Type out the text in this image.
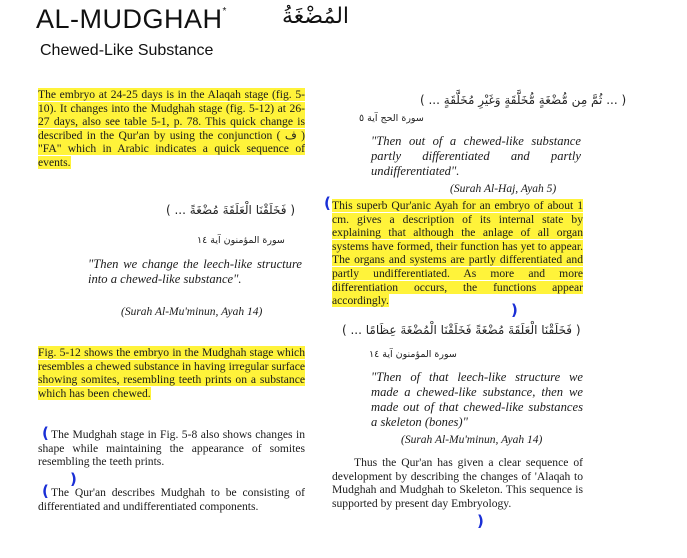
AL-MUDGHAH*	المُضْغَةُ
Chewed-Like Substance
The embryo at 24-25 days is in the Alaqah stage (fig. 5-10). It changes into the Mudghah stage (fig. 5-12) at 26-27 days, also see table 5-1, p. 78. This quick change is described in the Qur'an by using the conjunction ( ف ) "FA" which in Arabic indicates a quick sequence of events.
( فَخَلَقْنَا الْعَلَقَةَ مُضْغَةً ... )
سورة المؤمنون آية ١٤
"Then we change the leech-like structure into a chewed-like substance".
(Surah Al-Mu'minun, Ayah 14)
Fig. 5-12 shows the embryo in the Mudghah stage which resembles a chewed substance in having irregular surface showing somites, resembling teeth prints on a substance which has been chewed.
( The Mudghah stage in Fig. 5-8 also shows changes in shape while maintaining the appearance of somites resembling the teeth prints.
)
( The Qur'an describes Mudghah to be consisting of differentiated and undifferentiated components.
( ... ثُمَّ مِن مُّضْغَةٍ مُّخَلَّقَةٍ وَغَيْرِ مُخَلَّقَةٍ ... )
سورة الحج آية ٥
"Then out of a chewed-like substance partly differentiated and partly undifferentiated".
(Surah Al-Haj, Ayah 5)
( This superb Qur'anic Ayah for an embryo of about 1 cm. gives a description of its internal state by explaining that although the anlage of all organ systems have formed, their function has yet to appear. The organs and systems are partly differentiated and partly undifferentiated. As more and more differentiation occurs, the functions appear accordingly.
)
( فَخَلَقْنَا الْعَلَقَةَ مُضْغَةً فَخَلَقْنَا الْمُضْغَةَ عِظَامًا ... )
سورة المؤمنون آية ١٤
"Then of that leech-like structure we made a chewed-like substance, then we made out of that chewed-like substances a skeleton (bones)"
(Surah Al-Mu'minun, Ayah 14)
Thus the Qur'an has given a clear sequence of development by describing the changes of 'Alaqah to Mudghah and Mudghah to Skeleton. This sequence is supported by present day Embryology.
)
